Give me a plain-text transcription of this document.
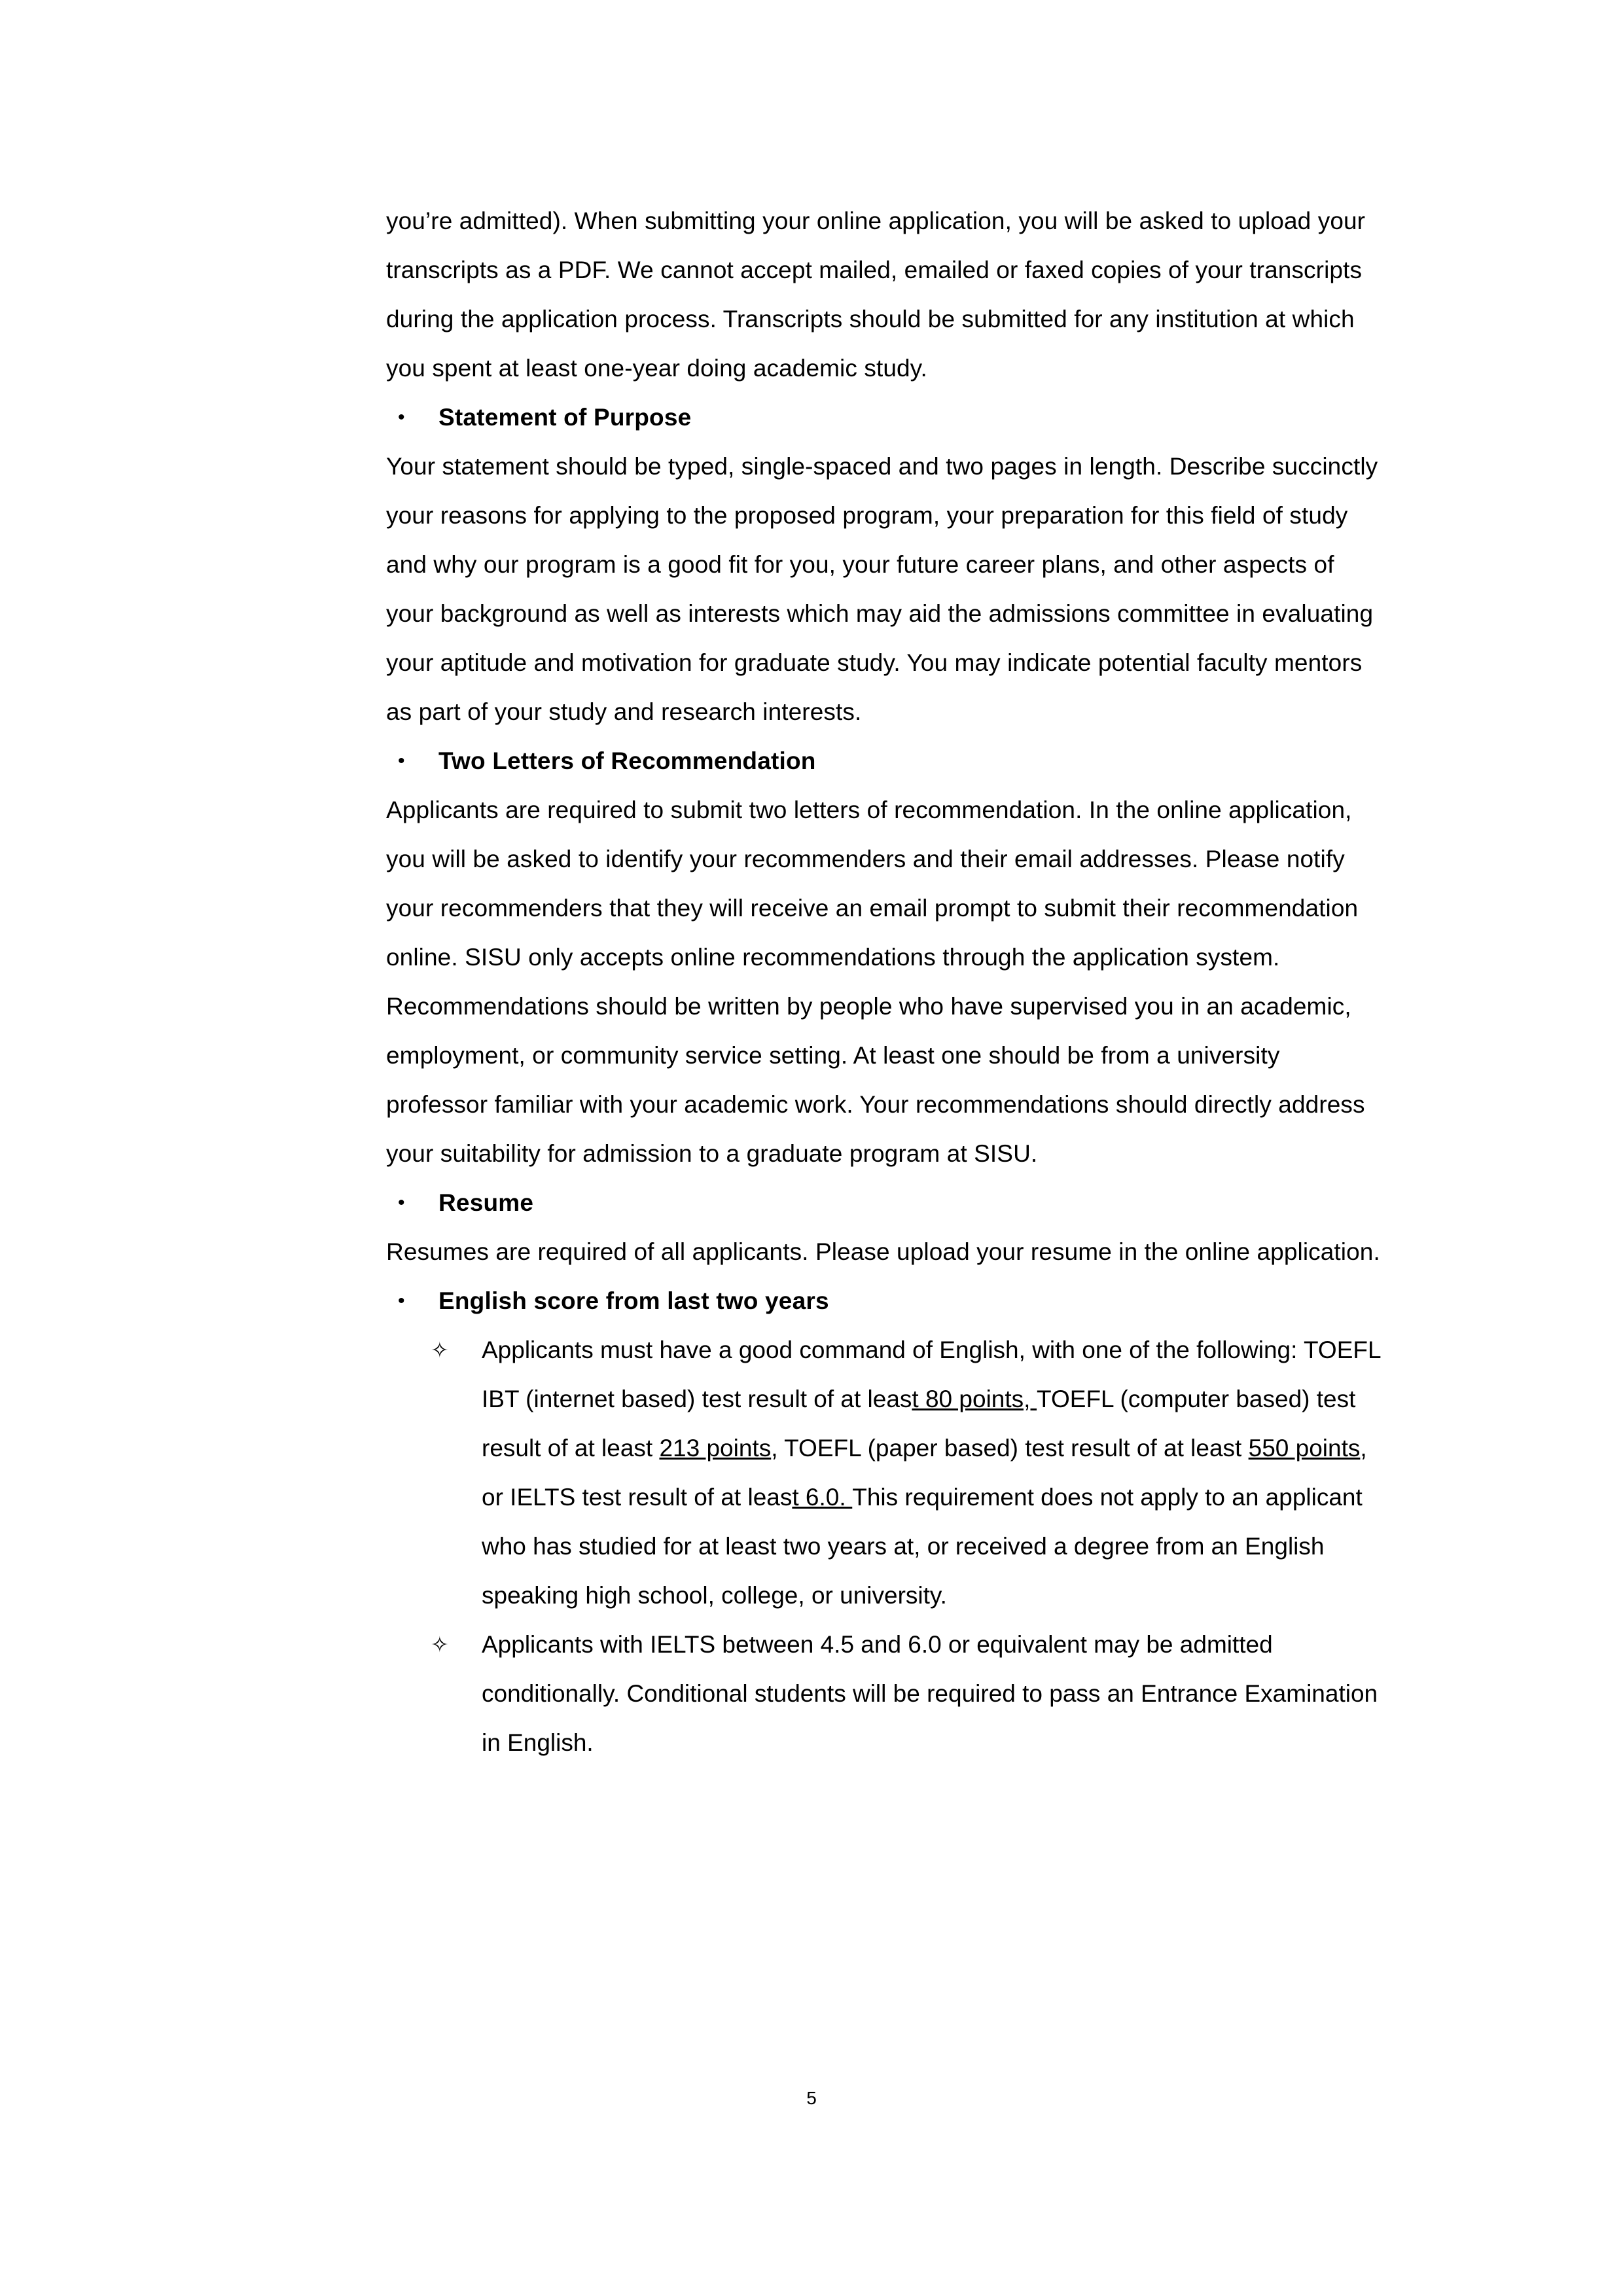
you’re admitted). When submitting your online application, you will be asked to upload your transcripts as a PDF. We cannot accept mailed, emailed or faxed copies of your transcripts during the application process. Transcripts should be submitted for any institution at which you spent at least one-year doing academic study.

•	Statement of Purpose

Your statement should be typed, single-spaced and two pages in length. Describe succinctly your reasons for applying to the proposed program, your preparation for this field of study and why our program is a good fit for you, your future career plans, and other aspects of your background as well as interests which may aid the admissions committee in evaluating your aptitude and motivation for graduate study. You may indicate potential faculty mentors as part of your study and research interests.

•	Two Letters of Recommendation

Applicants are required to submit two letters of recommendation. In the online application, you will be asked to identify your recommenders and their email addresses. Please notify your recommenders that they will receive an email prompt to submit their recommendation online. SISU only accepts online recommendations through the application system. Recommendations should be written by people who have supervised you in an academic, employment, or community service setting. At least one should be from a university professor familiar with your academic work. Your recommendations should directly address your suitability for admission to a graduate program at SISU.

•	Resume

Resumes are required of all applicants. Please upload your resume in the online application.

•	English score from last two years
✧	Applicants must have a good command of English, with one of the following: TOEFL IBT (internet based) test result of at least 80 points, TOEFL (computer based) test result of at least 213 points, TOEFL (paper based) test result of at least 550 points, or IELTS test result of at least 6.0. This requirement does not apply to an applicant who has studied for at least two years at, or received a degree from an English speaking high school, college, or university.
✧	Applicants with IELTS between 4.5 and 6.0 or equivalent may be admitted conditionally. Conditional students will be required to pass an Entrance Examination in English.
5
